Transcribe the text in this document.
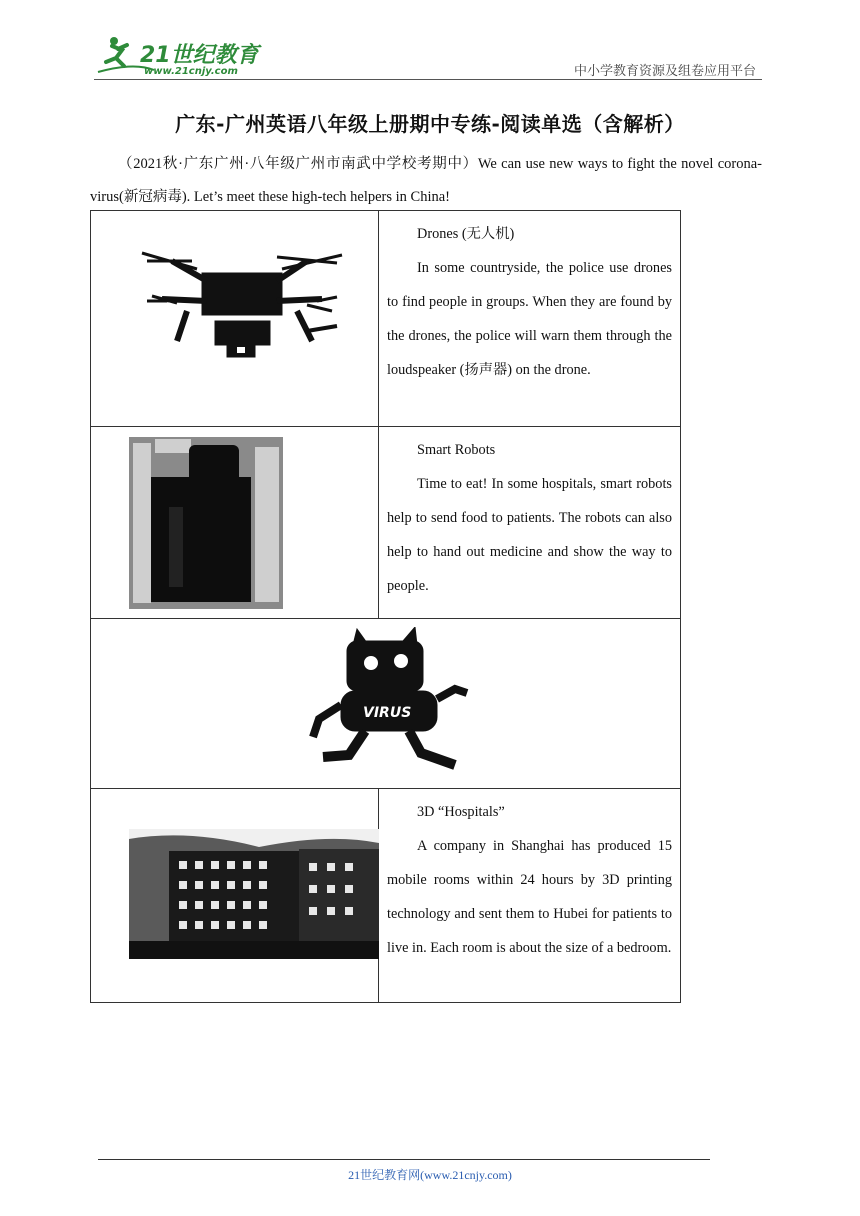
21世纪教育
www.21cnjy.com	中小学教育资源及组卷应用平台
广东-广州英语八年级上册期中专练-阅读单选（含解析）
（2021秋·广东广州·八年级广州市南武中学校考期中）We can use new ways to fight the novel corona-virus(新冠病毒). Let’s meet these high-tech helpers in China!

Drones (无人机)

In some countryside, the police use drones to find people in groups. When they are found by the drones, the police will warn them through the loudspeaker (扬声器) on the drone.

Smart Robots

Time to eat! In some hospitals, smart robots help to send food to patients. The robots can also help to hand out medicine and show the way to people.

VIRUS	

3D “Hospitals”

A company in Shanghai has produced 15 mobile rooms within 24 hours by 3D printing technology and sent them to Hubei for patients to live in. Each room is about the size of a bedroom.

21世纪教育网(www.21cnjy.com)
